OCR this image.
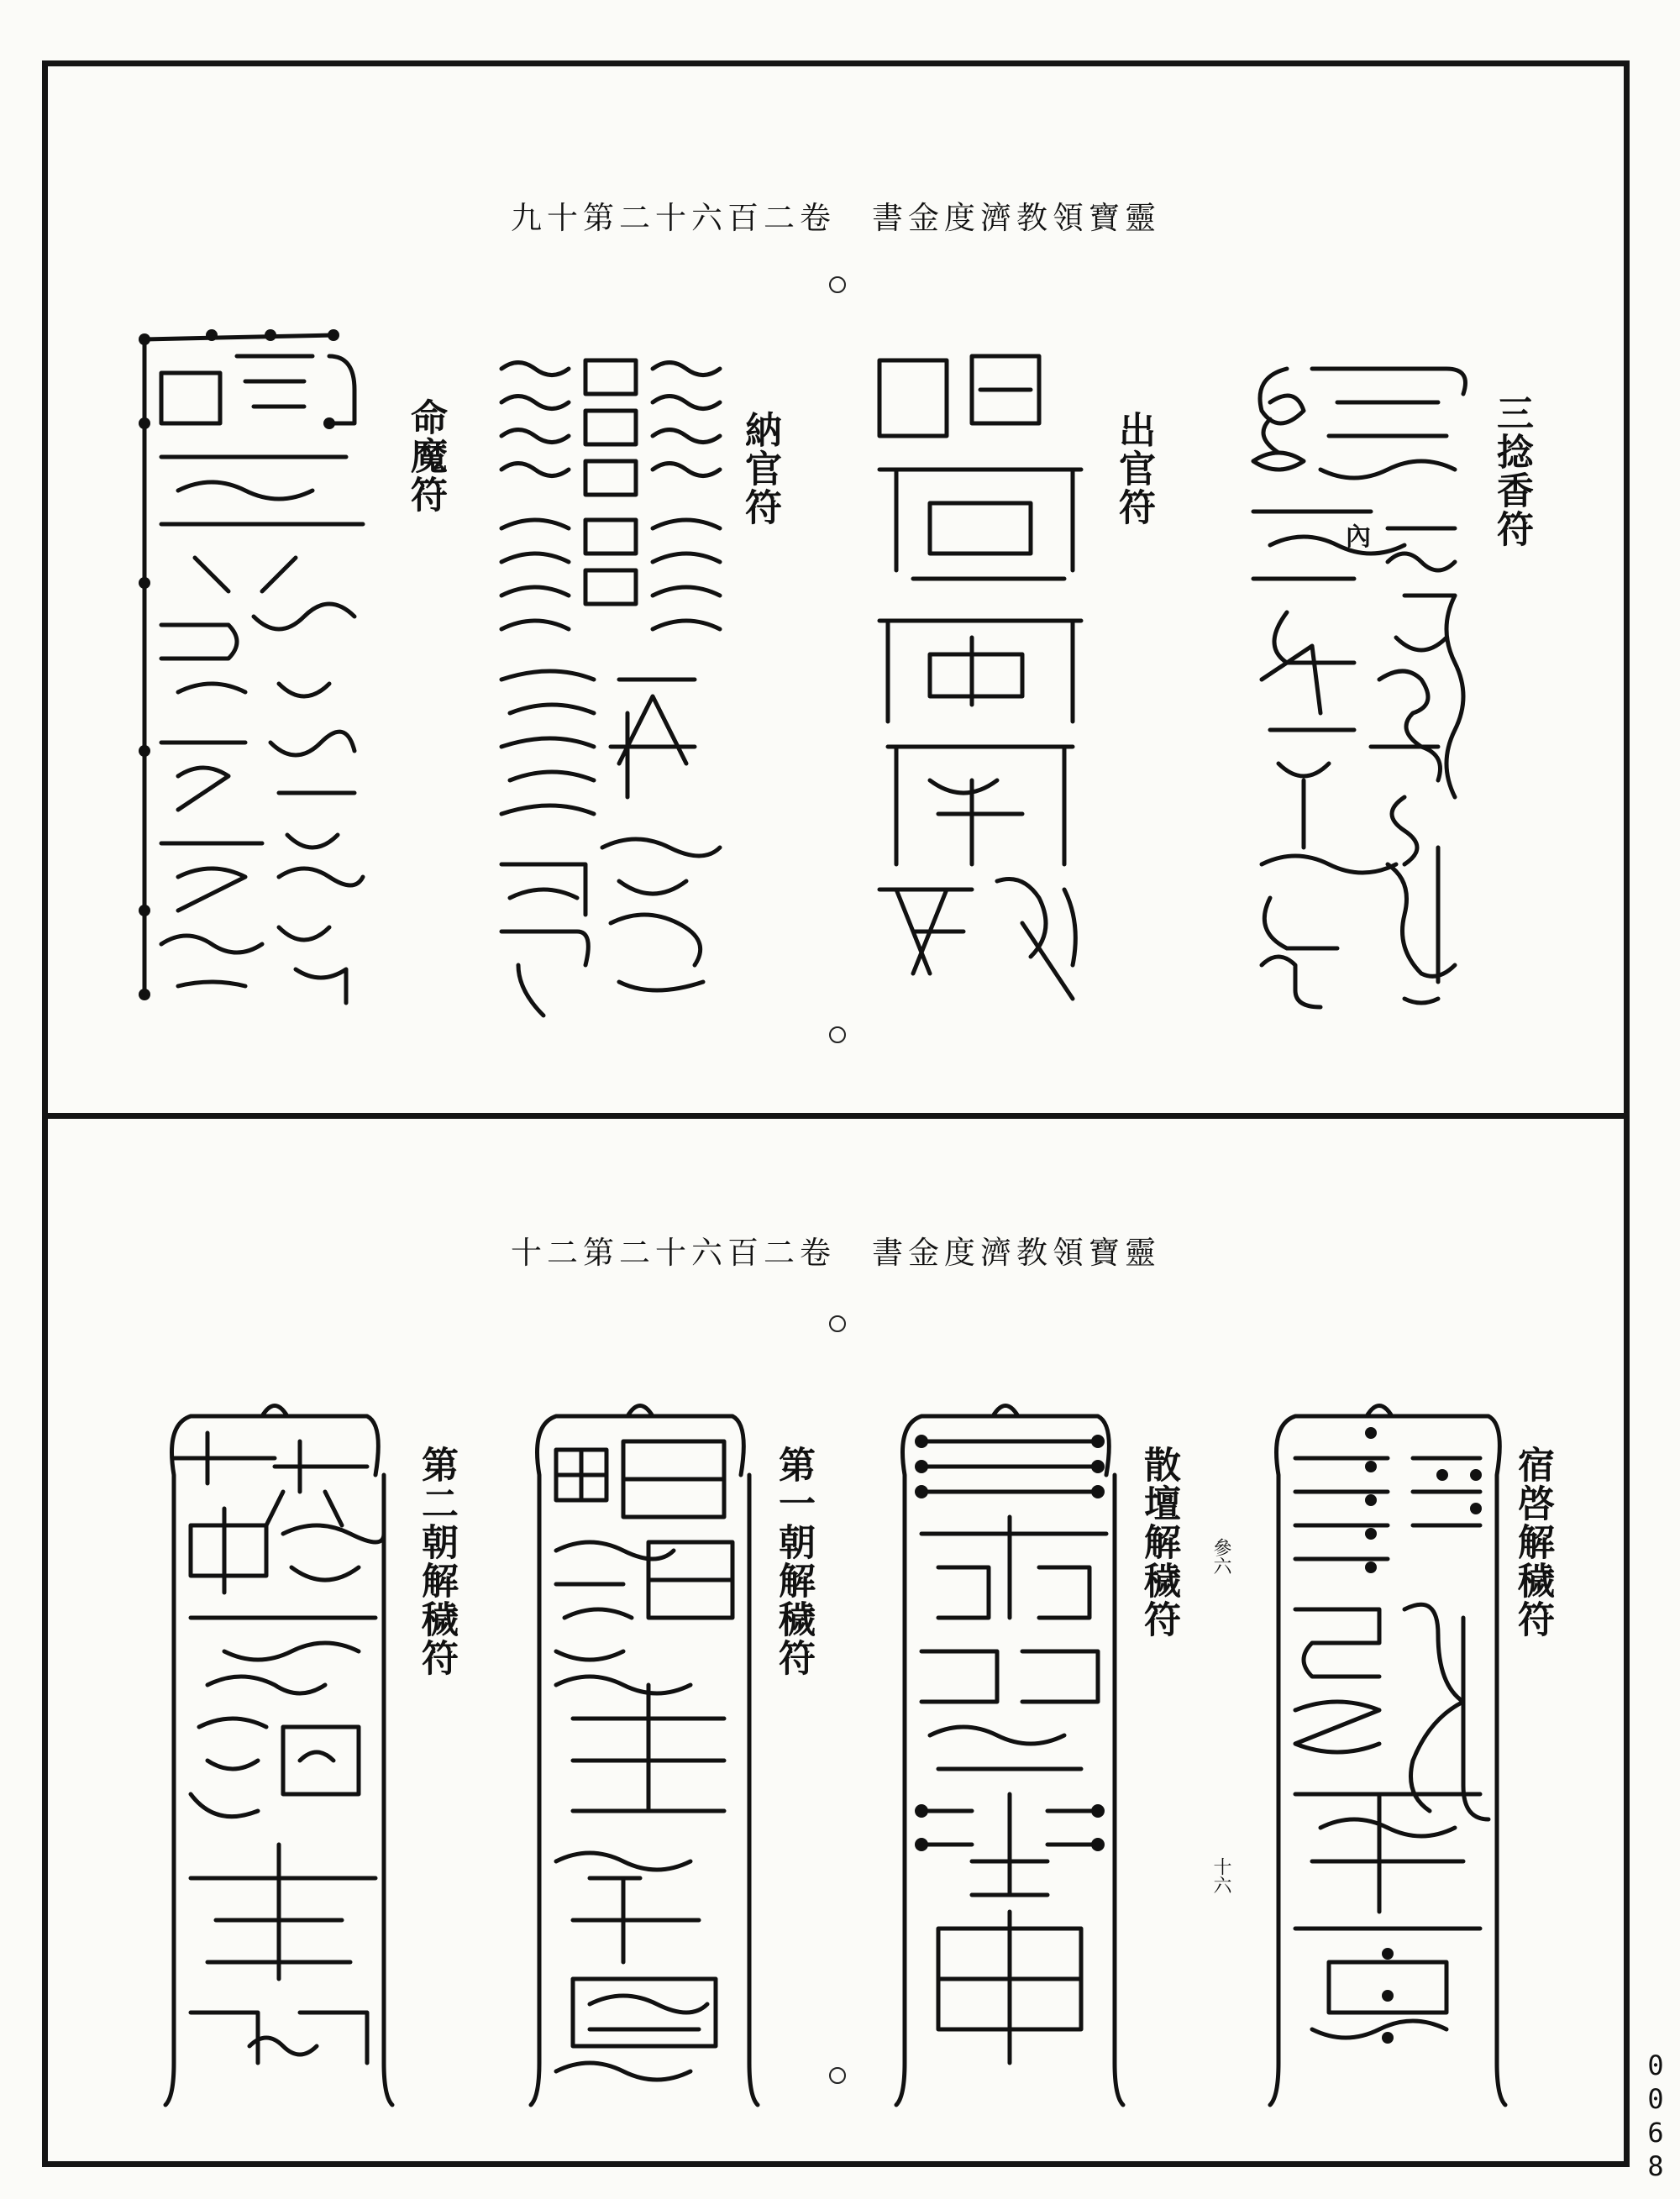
九十第二十六百二卷　書金度濟教領寶靈
三捻香符
出官符
納官符
命魔符
內
十二第二十六百二卷　書金度濟教領寶靈
宿啓解穢符
散壇解穢符
第一朝解穢符
第二朝解穢符	參六
十六
0068
